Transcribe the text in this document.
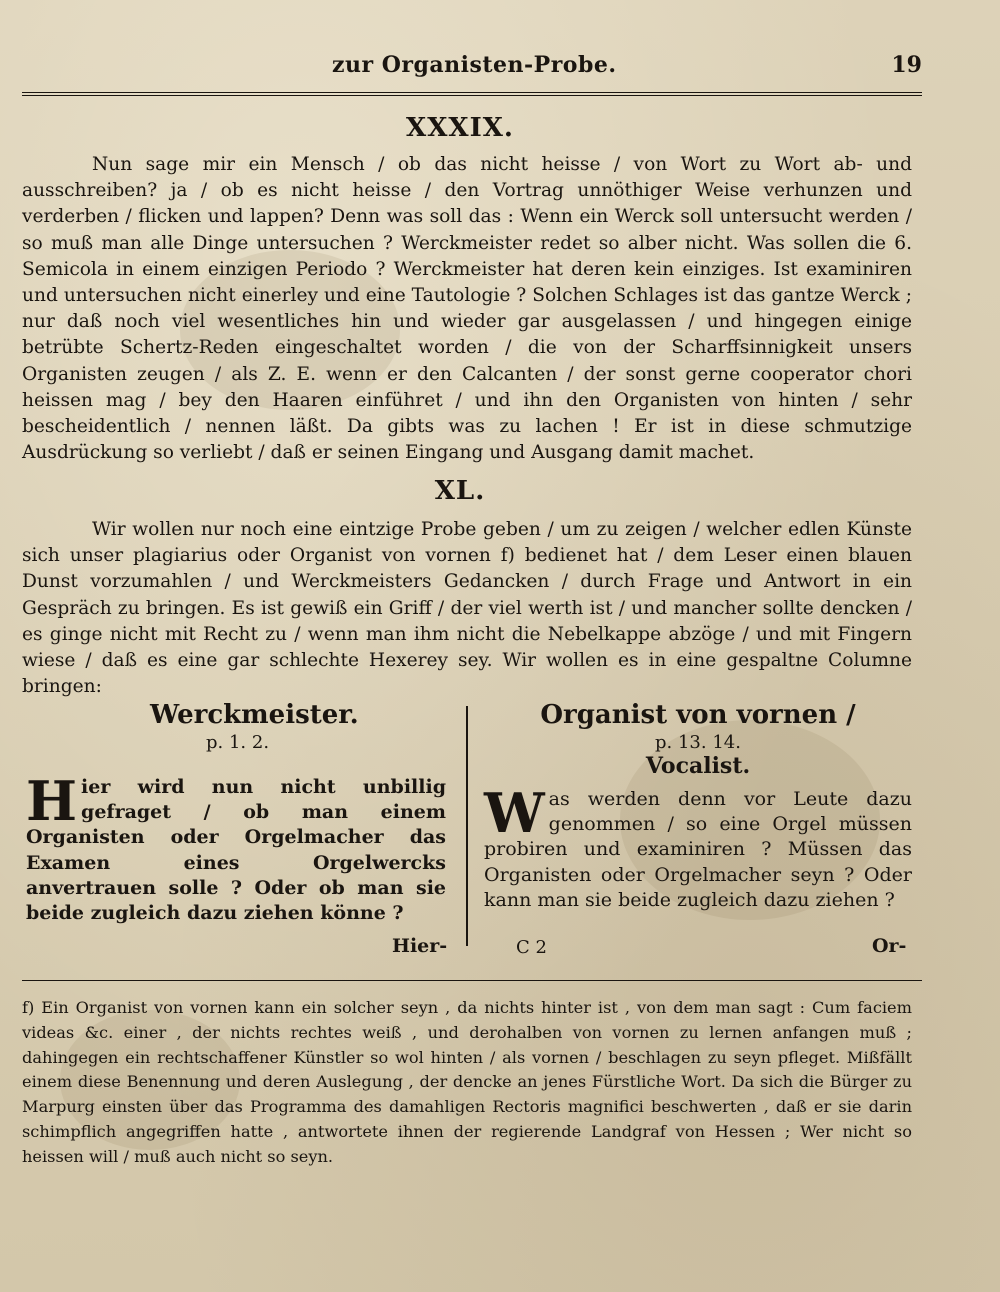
zur Organisten-Probe.	19
XXXIX.

Nun sage mir ein Mensch / ob das nicht heisse / von Wort zu Wort ab- und ausschreiben? ja / ob es nicht heisse / den Vortrag unnöthiger Weise verhunzen und verderben / flicken und lappen? Denn was soll das : Wenn ein Werck soll untersucht werden / so muß man alle Dinge untersuchen ? Werckmeister redet so alber nicht. Was sollen die 6. Semicola in einem einzigen Periodo ? Werckmeister hat deren kein einziges. Ist examiniren und untersuchen nicht einerley und eine Tautologie ? Solchen Schlages ist das gantze Werck ; nur daß noch viel wesentliches hin und wieder gar ausgelassen / und hingegen einige betrübte Schertz-Reden eingeschaltet worden / die von der Scharffsinnigkeit unsers Organisten zeugen / als Z. E. wenn er den Calcanten / der sonst gerne cooperator chori heissen mag / bey den Haaren einführet / und ihn den Organisten von hinten / sehr bescheidentlich / nennen läßt. Da gibts was zu lachen ! Er ist in diese schmutzige Ausdrückung so verliebt / daß er seinen Eingang und Ausgang damit machet.

XL.

Wir wollen nur noch eine eintzige Probe geben / um zu zeigen / welcher edlen Künste sich unser plagiarius oder Organist von vornen f) bedienet hat / dem Leser einen blauen Dunst vorzumahlen / und Werckmeisters Gedancken / durch Frage und Antwort in ein Gespräch zu bringen. Es ist gewiß ein Griff / der viel werth ist / und mancher sollte dencken / es ginge nicht mit Recht zu / wenn man ihm nicht die Nebelkappe abzöge / und mit Fingern wiese / daß es eine gar schlechte Hexerey sey. Wir wollen es in eine gespaltne Columne bringen:

Werckmeister.

p. 1. 2.

Hier wird nun nicht unbillig gefraget / ob man einem Organisten oder Orgelmacher das Examen eines Orgelwercks anvertrauen solle ? Oder ob man sie beide zugleich dazu ziehen könne ?

Organist von vornen /

p. 13. 14.

Vocalist.

Was werden denn vor Leute dazu genommen / so eine Orgel müssen probiren und examiniren ? Müssen das Organisten oder Orgelmacher seyn ? Oder kann man sie beide zugleich dazu ziehen ?

Hier-	C 2	Or-

f) Ein Organist von vornen kann ein solcher seyn , da nichts hinter ist , von dem man sagt : Cum faciem videas &c. einer , der nichts rechtes weiß , und derohalben von vornen zu lernen anfangen muß ; dahingegen ein rechtschaffener Künstler so wol hinten / als vornen / beschlagen zu seyn pfleget. Mißfällt einem diese Benennung und deren Auslegung , der dencke an jenes Fürstliche Wort. Da sich die Bürger zu Marpurg einsten über das Programma des damahligen Rectoris magnifici beschwerten , daß er sie darin schimpflich angegriffen hatte , antwortete ihnen der regierende Landgraf von Hessen ; Wer nicht so heissen will / muß auch nicht so seyn.
